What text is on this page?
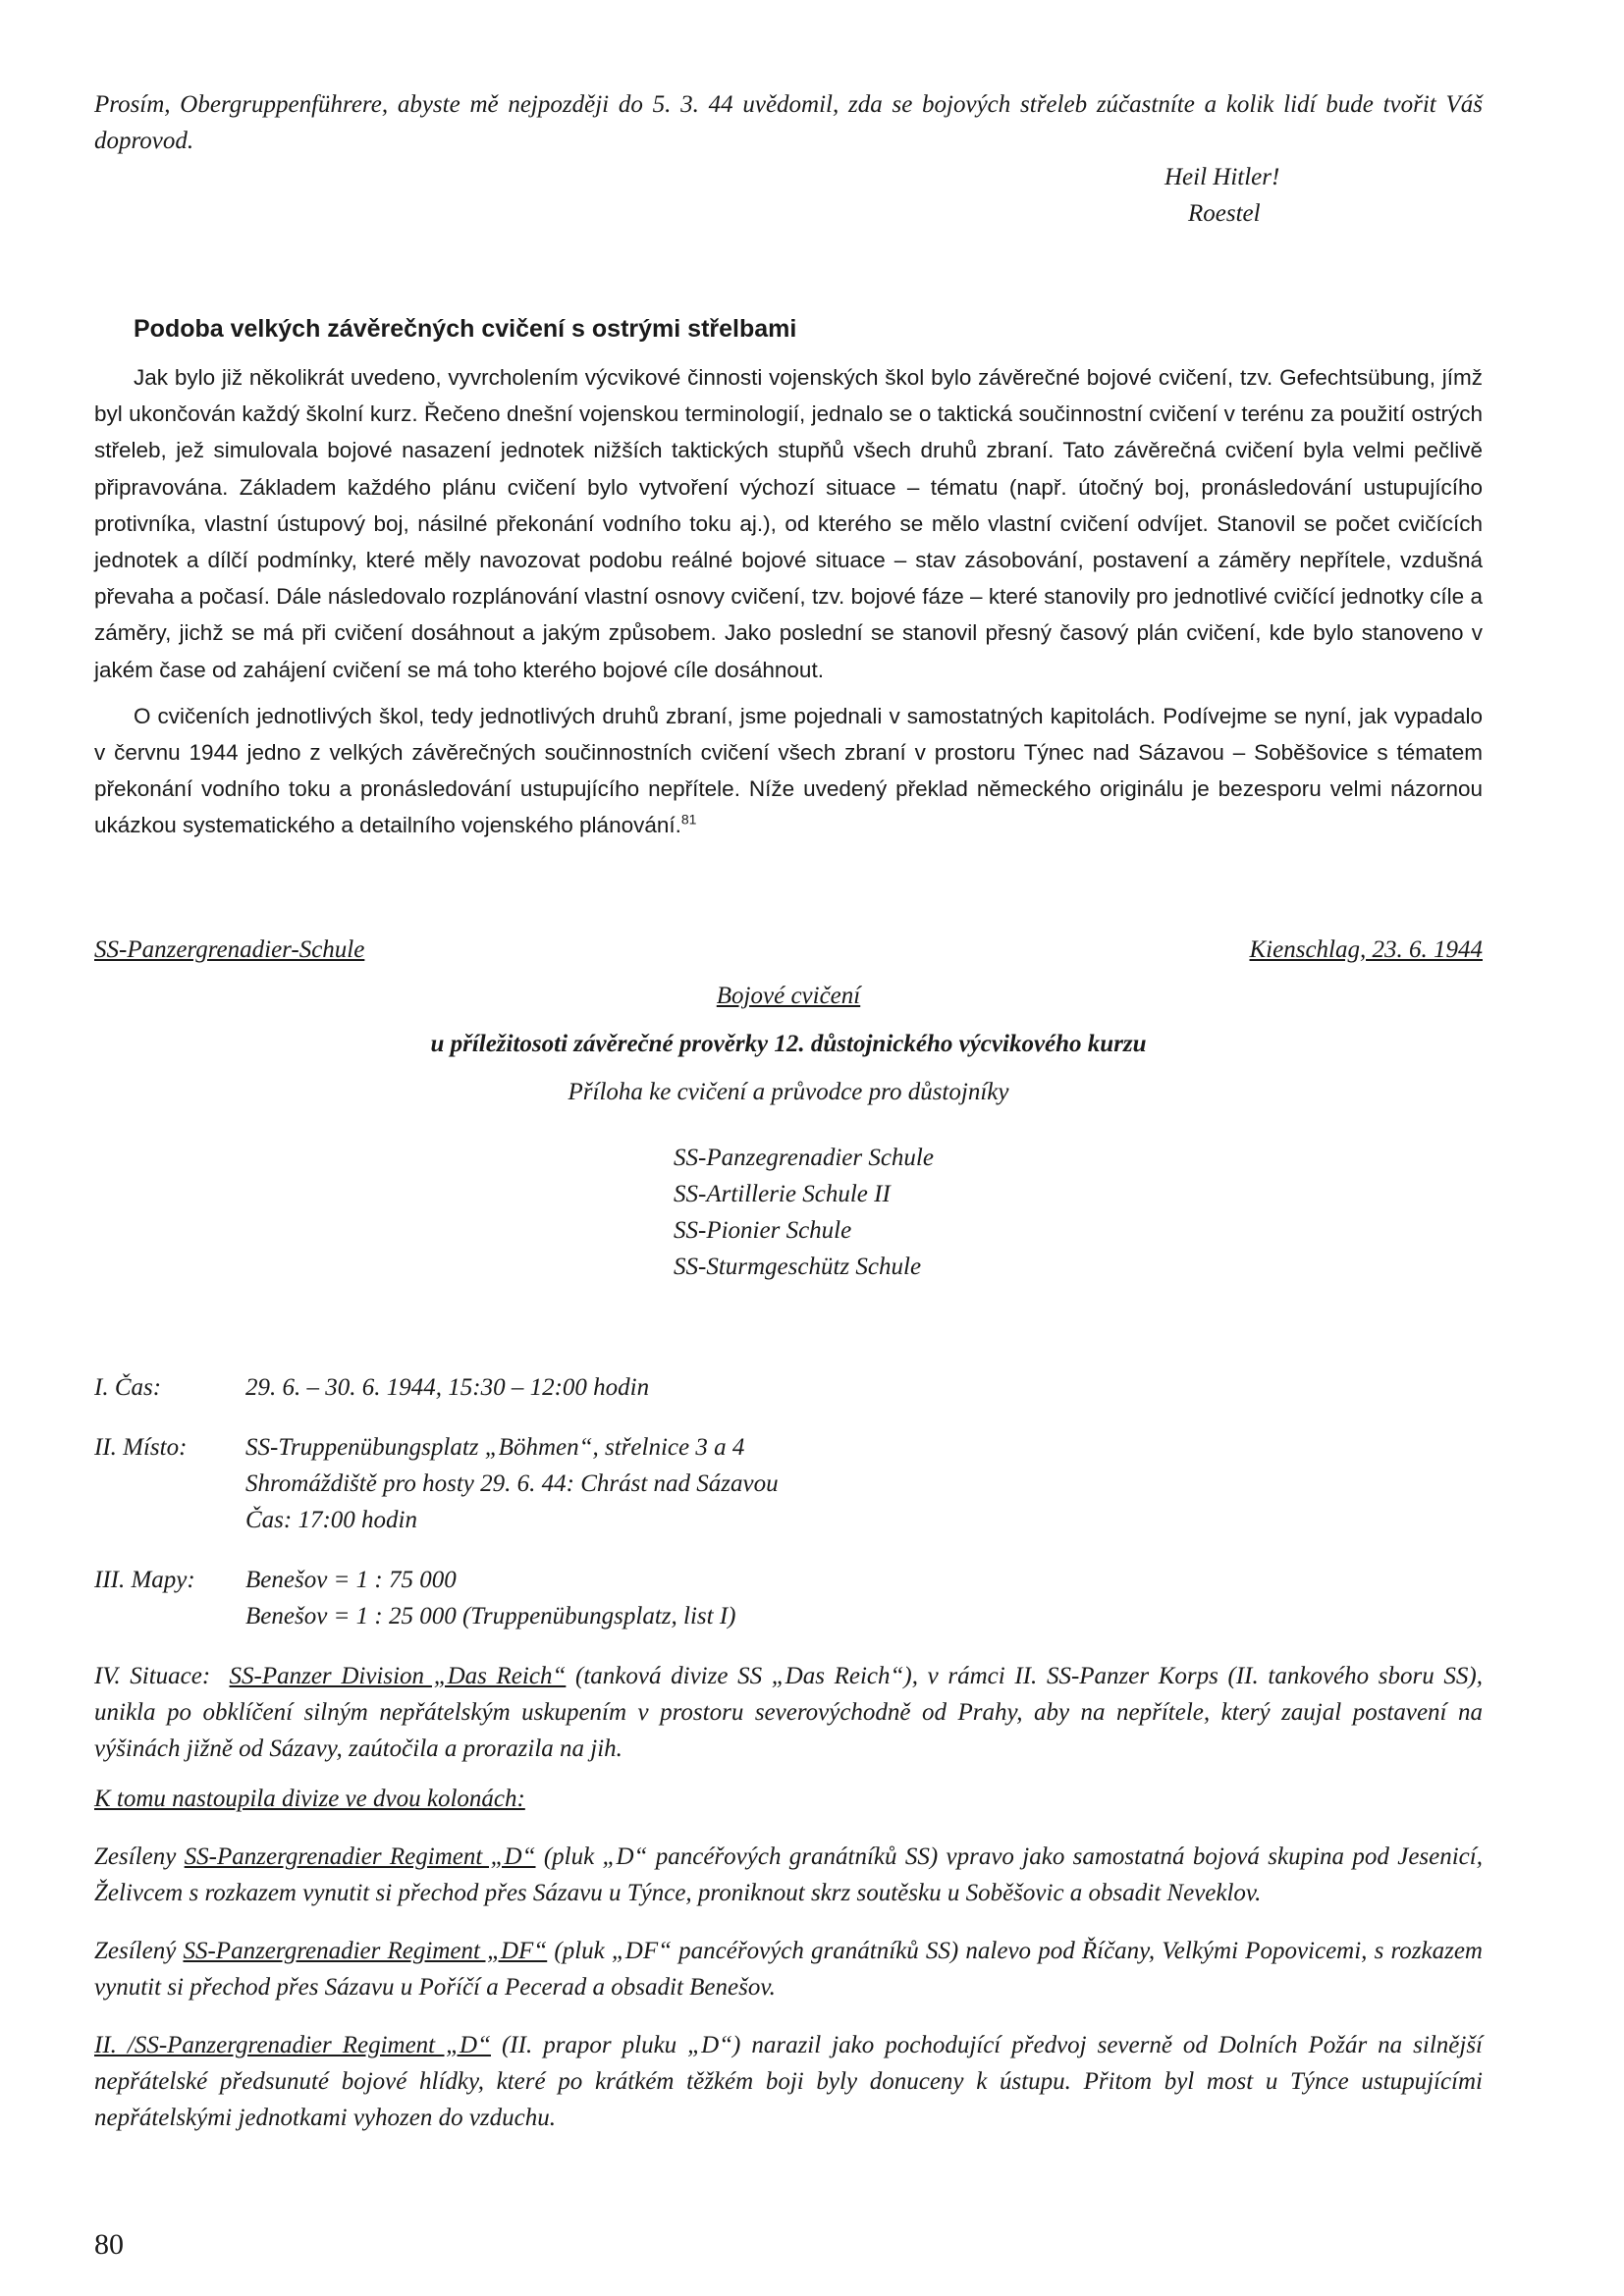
Prosím, Obergruppenführere, abyste mě nejpozději do 5. 3. 44 uvědomil, zda se bojových střeleb zúčastníte a kolik lidí bude tvořit Váš doprovod.
Heil Hitler!
Roestel
Podoba velkých závěrečných cvičení s ostrými střelbami

Jak bylo již několikrát uvedeno, vyvrcholením výcvikové činnosti vojenských škol bylo závěrečné bojové cvičení, tzv. Gefechtsübung, jímž byl ukončován každý školní kurz. Řečeno dnešní vojenskou terminologií, jednalo se o taktická součinnostní cvičení v terénu za použití ostrých střeleb, jež simulovala bojové nasazení jednotek nižších taktických stupňů všech druhů zbraní. Tato závěrečná cvičení byla velmi pečlivě připravována. Základem každého plánu cvičení bylo vytvoření výchozí situace – tématu (např. útočný boj, pronásledování ustupujícího protivníka, vlastní ústupový boj, násilné překonání vodního toku aj.), od kterého se mělo vlastní cvičení odvíjet. Stanovil se počet cvičících jednotek a dílčí podmínky, které měly navozovat podobu reálné bojové situace – stav zásobování, postavení a záměry nepřítele, vzdušná převaha a počasí. Dále následovalo rozplánování vlastní osnovy cvičení, tzv. bojové fáze – které stanovily pro jednotlivé cvičící jednotky cíle a záměry, jichž se má při cvičení dosáhnout a jakým způsobem. Jako poslední se stanovil přesný časový plán cvičení, kde bylo stanoveno v jakém čase od zahájení cvičení se má toho kterého bojové cíle dosáhnout.

O cvičeních jednotlivých škol, tedy jednotlivých druhů zbraní, jsme pojednali v samostatných kapitolách. Podívejme se nyní, jak vypadalo v červnu 1944 jedno z velkých závěrečných součinnostních cvičení všech zbraní v prostoru Týnec nad Sázavou – Soběšovice s tématem překonání vodního toku a pronásledování ustupujícího nepřítele. Níže uvedený překlad německého originálu je bezesporu velmi názornou ukázkou systematického a detailního vojenského plánování.$^{81}$

SS-Panzergrenadier-Schule	Kienschlag, 23. 6. 1944
Bojové cvičení
u příležitosoti závěrečné prověrky 12. důstojnického výcvikového kurzu
Příloha ke cvičení a průvodce pro důstojníky
SS-Panzegrenadier Schule
SS-Artillerie Schule II
SS-Pionier Schule
SS-Sturmgeschütz Schule
I. Čas:	29. 6. – 30. 6. 1944, 15:30 – 12:00 hodin
II. Místo:	SS-Truppenübungsplatz „Böhmen“, střelnice 3 a 4
Shromáždiště pro hosty 29. 6. 44: Chrást nad Sázavou
Čas: 17:00 hodin
III. Mapy:	Benešov = 1 : 75 000
Benešov = 1 : 25 000 (Truppenübungsplatz, list I)
IV. Situace: SS-Panzer Division „Das Reich“ (tanková divize SS „Das Reich“), v rámci II. SS-Panzer Korps (II. tankového sboru SS), unikla po obklíčení silným nepřátelským uskupením v prostoru severovýchodně od Prahy, aby na nepřítele, který zaujal postavení na výšinách jižně od Sázavy, zaútočila a prorazila na jih.
K tomu nastoupila divize ve dvou kolonách:
Zesíleny SS-Panzergrenadier Regiment „D“ (pluk „D“ pancéřových granátníků SS) vpravo jako samostatná bojová skupina pod Jesenicí, Želivcem s rozkazem vynutit si přechod přes Sázavu u Týnce, proniknout skrz soutěsku u Soběšovic a obsadit Neveklov.
Zesílený SS-Panzergrenadier Regiment „DF“ (pluk „DF“ pancéřových granátníků SS) nalevo pod Říčany, Velkými Popovicemi, s rozkazem vynutit si přechod přes Sázavu u Poříčí a Pecerad a obsadit Benešov.
II. /SS-Panzergrenadier Regiment „D“ (II. prapor pluku „D“) narazil jako pochodující předvoj severně od Dolních Požár na silnější nepřátelské předsunuté bojové hlídky, které po krátkém těžkém boji byly donuceny k ústupu. Přitom byl most u Týnce ustupujícími nepřátelskými jednotkami vyhozen do vzduchu.
80
